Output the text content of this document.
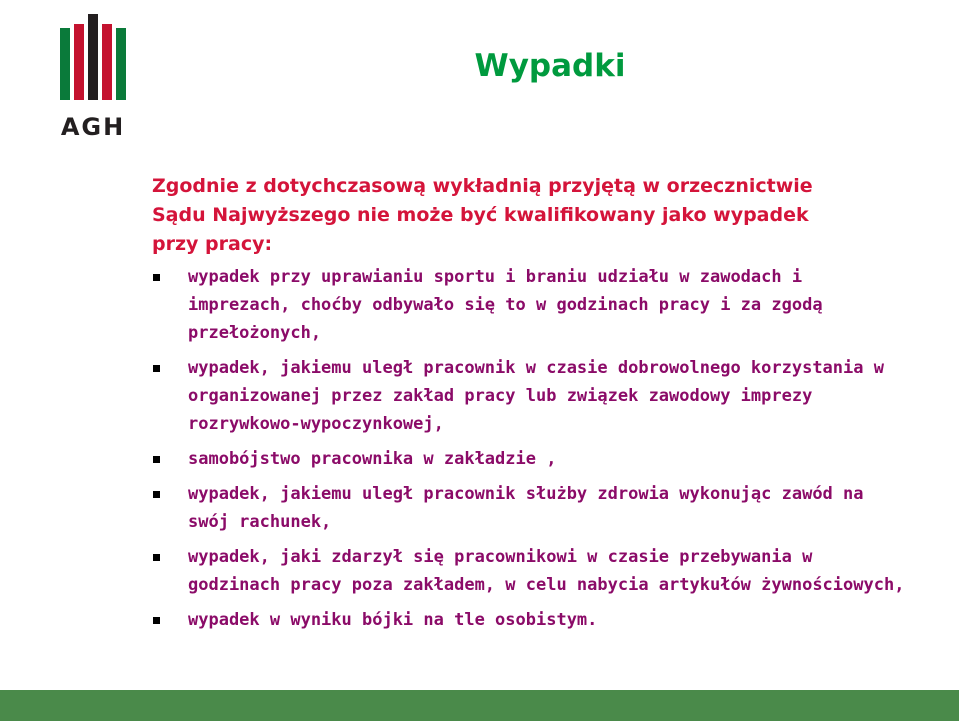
AGH
Wypadki

Zgodnie z dotychczasową wykładnią przyjętą w orzecznictwie Sądu Najwyższego nie może być kwalifikowany jako wypadek przy pracy:

wypadek przy uprawianiu sportu i braniu udziału w zawodach i imprezach, choćby odbywało się to w godzinach pracy i za zgodą przełożonych,
wypadek, jakiemu uległ pracownik w czasie dobrowolnego korzystania w organizowanej przez zakład pracy lub związek zawodowy imprezy rozrywkowo-wypoczynkowej,
samobójstwo pracownika w zakładzie ,
wypadek, jakiemu uległ pracownik służby zdrowia wykonując zawód na swój rachunek,
wypadek, jaki zdarzył się pracownikowi w czasie przebywania w godzinach pracy poza zakładem, w celu nabycia artykułów żywnościowych,
wypadek w wyniku bójki na tle osobistym.
